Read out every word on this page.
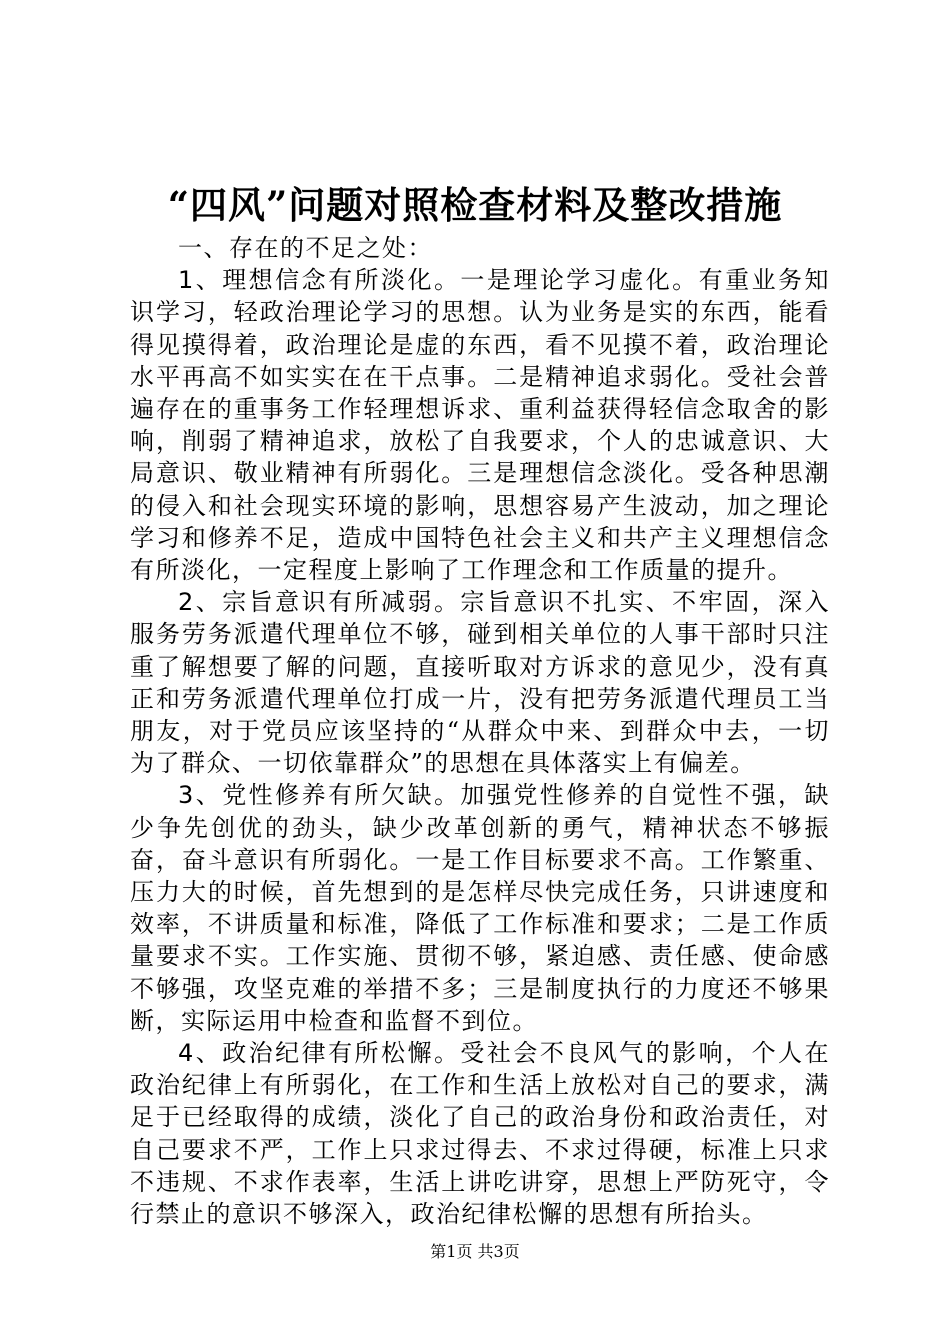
“四风”问题对照检查材料及整改措施

一、存在的不足之处：

1、理想信念有所淡化。一是理论学习虚化。有重业务知识学习，轻政治理论学习的思想。认为业务是实的东西，能看得见摸得着，政治理论是虚的东西，看不见摸不着，政治理论水平再高不如实实在在干点事。二是精神追求弱化。受社会普遍存在的重事务工作轻理想诉求、重利益获得轻信念取舍的影响，削弱了精神追求，放松了自我要求，个人的忠诚意识、大局意识、敬业精神有所弱化。三是理想信念淡化。受各种思潮的侵入和社会现实环境的影响，思想容易产生波动，加之理论学习和修养不足，造成中国特色社会主义和共产主义理想信念有所淡化，一定程度上影响了工作理念和工作质量的提升。

2、宗旨意识有所减弱。宗旨意识不扎实、不牢固，深入服务劳务派遣代理单位不够，碰到相关单位的人事干部时只注重了解想要了解的问题，直接听取对方诉求的意见少，没有真正和劳务派遣代理单位打成一片，没有把劳务派遣代理员工当朋友，对于党员应该坚持的“从群众中来、到群众中去，一切为了群众、一切依靠群众”的思想在具体落实上有偏差。

3、党性修养有所欠缺。加强党性修养的自觉性不强，缺少争先创优的劲头，缺少改革创新的勇气，精神状态不够振奋，奋斗意识有所弱化。一是工作目标要求不高。工作繁重、压力大的时候，首先想到的是怎样尽快完成任务，只讲速度和效率，不讲质量和标准，降低了工作标准和要求；二是工作质量要求不实。工作实施、贯彻不够，紧迫感、责任感、使命感不够强，攻坚克难的举措不多；三是制度执行的力度还不够果断，实际运用中检查和监督不到位。

4、政治纪律有所松懈。受社会不良风气的影响，个人在政治纪律上有所弱化，在工作和生活上放松对自己的要求，满足于已经取得的成绩，淡化了自己的政治身份和政治责任，对自己要求不严，工作上只求过得去、不求过得硬，标准上只求不违规、不求作表率，生活上讲吃讲穿，思想上严防死守，令行禁止的意识不够深入，政治纪律松懈的思想有所抬头。

第1页 共3页
